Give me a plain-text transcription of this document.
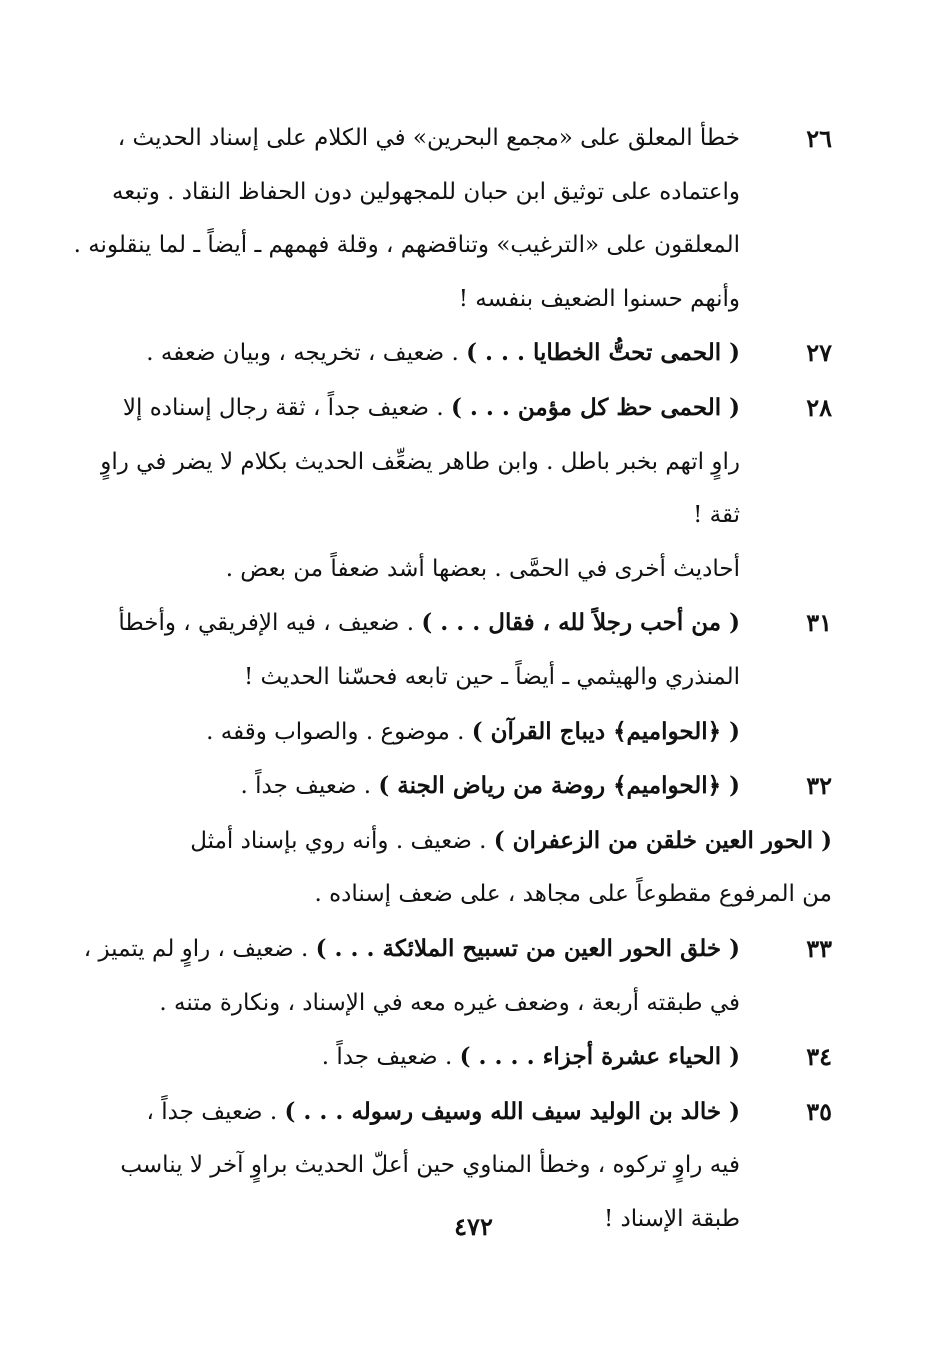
٢٦
خطأ المعلق على «مجمع البحرين» في الكلام على إسناد الحديث ،
واعتماده على توثيق ابن حبان للمجهولين دون الحفاظ النقاد . وتبعه
المعلقون على «الترغيب» وتناقضهم ، وقلة فهمهم ـ أيضاً ـ لما ينقلونه .
وأنهم حسنوا الضعيف بنفسه !
٢٧
( الحمى تحتُّ الخطايا . . . ) . ضعيف ، تخريجه ، وبيان ضعفه .
٢٨
( الحمى حظ كل مؤمن . . . ) . ضعيف جداً ، ثقة رجال إسناده إلا
راوٍ اتهم بخبر باطل . وابن طاهر يضعِّف الحديث بكلام لا يضر في راوٍ
ثقة !
أحاديث أخرى في الحمَّى . بعضها أشد ضعفاً من بعض .
٣١
( من أحب رجلاً لله ، فقال . . . ) . ضعيف ، فيه الإفريقي ، وأخطأ
المنذري والهيثمي ـ أيضاً ـ حين تابعه فحسّنا الحديث !
( ﴿الحواميم﴾ ديباج القرآن ) . موضوع . والصواب وقفه .
٣٢
( ﴿الحواميم﴾ روضة من رياض الجنة ) . ضعيف جداً .
( الحور العين خلقن من الزعفران ) . ضعيف . وأنه روي بإسناد أمثل
من المرفوع مقطوعاً على مجاهد ، على ضعف إسناده .
٣٣
( خلق الحور العين من تسبيح الملائكة . . . ) . ضعيف ، راوٍ لم يتميز ،
في طبقته أربعة ، وضعف غيره معه في الإسناد ، ونكارة متنه .
٣٤
( الحياء عشرة أجزاء . . . . ) . ضعيف جداً .
٣٥
( خالد بن الوليد سيف الله وسيف رسوله . . . ) . ضعيف جداً ،
فيه راوٍ تركوه ، وخطأ المناوي حين أعلّ الحديث براوٍ آخر لا يناسب
طبقة الإسناد !
٤٧٢
